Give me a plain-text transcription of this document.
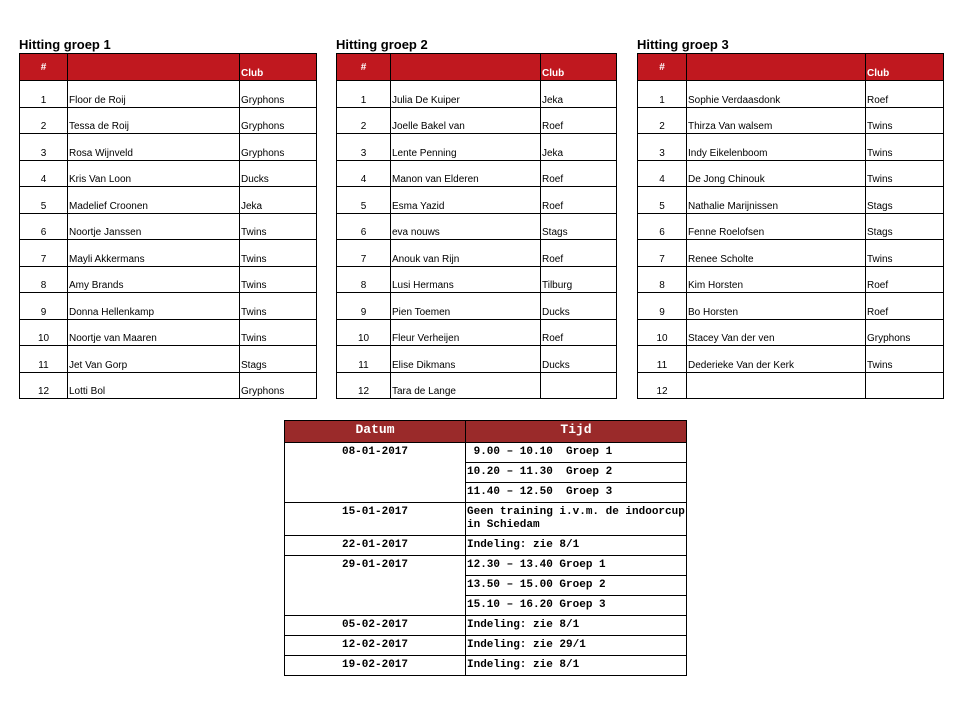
Hitting groep 1
#		Club
1	Floor de Roij	Gryphons
2	Tessa de Roij	Gryphons
3	Rosa Wijnveld	Gryphons
4	Kris Van Loon	Ducks
5	Madelief Croonen	Jeka
6	Noortje Janssen	Twins
7	Mayli Akkermans	Twins
8	Amy Brands	Twins
9	Donna Hellenkamp	Twins
10	Noortje van Maaren	Twins
11	Jet Van Gorp	Stags
12	Lotti Bol	Gryphons
Hitting groep 2
#		Club
1	Julia De Kuiper	Jeka
2	Joelle Bakel van	Roef
3	Lente Penning	Jeka
4	Manon van Elderen	Roef
5	Esma Yazid	Roef
6	eva nouws	Stags
7	Anouk van Rijn	Roef
8	Lusi Hermans	Tilburg
9	Pien Toemen	Ducks
10	Fleur Verheijen	Roef
11	Elise Dikmans	Ducks
12	Tara de Lange	
Hitting groep 3
#		Club
1	Sophie Verdaasdonk	Roef
2	Thirza Van walsem	Twins
3	Indy Eikelenboom	Twins
4	De Jong Chinouk	Twins
5	Nathalie Marijnissen	Stags
6	Fenne Roelofsen	Stags
7	Renee Scholte	Twins
8	Kim Horsten	Roef
9	Bo Horsten	Roef
10	Stacey Van der ven	Gryphons
11	Dederieke Van der Kerk	Twins
12		
Datum	Tijd
08-01-2017	9.00 – 10.10  Groep 1
	10.20 – 11.30  Groep 2
	11.40 – 12.50  Groep 3
15-01-2017	Geen training i.v.m. de indoorcup in Schiedam
22-01-2017	Indeling: zie 8/1
29-01-2017	12.30 – 13.40 Groep 1
	13.50 – 15.00 Groep 2
	15.10 – 16.20 Groep 3
05-02-2017	Indeling: zie 8/1
12-02-2017	Indeling: zie 29/1
19-02-2017	Indeling: zie 8/1
